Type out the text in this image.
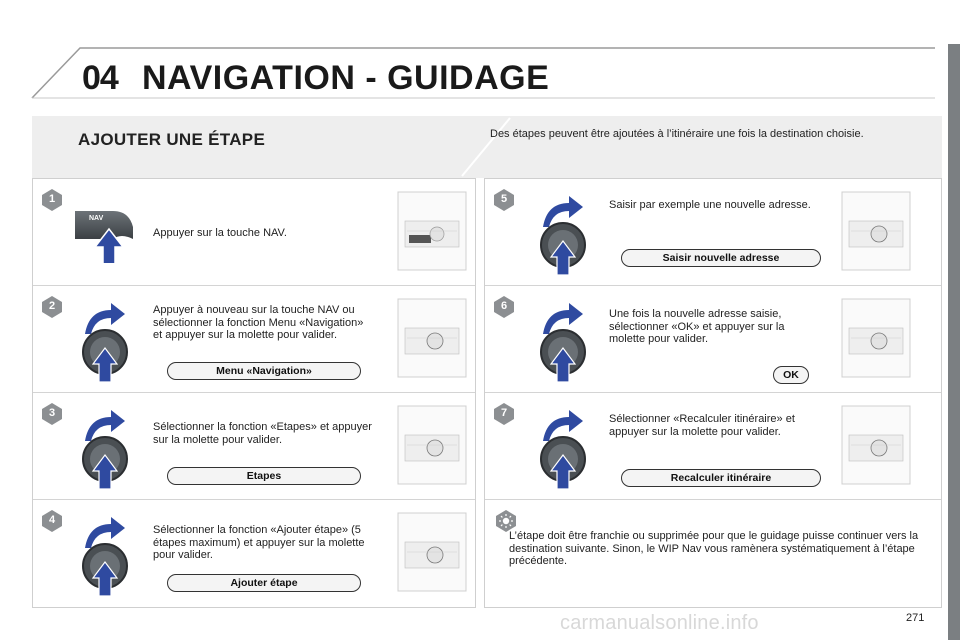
04 NAVIGATION - GUIDAGE
AJOUTER UNE ÉTAPE	Des étapes peuvent être ajoutées à l’itinéraire une fois la destination choisie.
1
NAV
Appuyer sur la touche NAV.
2	Appuyer à nouveau sur la touche NAV ou sélectionner la fonction Menu «Navigation» et appuyer sur la molette pour valider.
Menu «Navigation»
3
Sélectionner la fonction «Etapes» et appuyer sur la molette pour valider.
Etapes
4
Sélectionner la fonction «Ajouter étape» (5 étapes maximum) et appuyer sur la molette pour valider.
Ajouter étape
5	Saisir par exemple une nouvelle adresse.
Saisir nouvelle adresse
6
Une fois la nouvelle adresse saisie, sélectionner «OK» et appuyer sur la molette pour valider.
OK
7	Sélectionner «Recalculer itinéraire» et appuyer sur la molette pour valider.
Recalculer itinéraire
L’étape doit être franchie ou supprimée pour que le guidage puisse continuer vers la destination suivante. Sinon, le WIP Nav vous ramènera systématiquement à l’étape précédente.
carmanualsonline.info	271
